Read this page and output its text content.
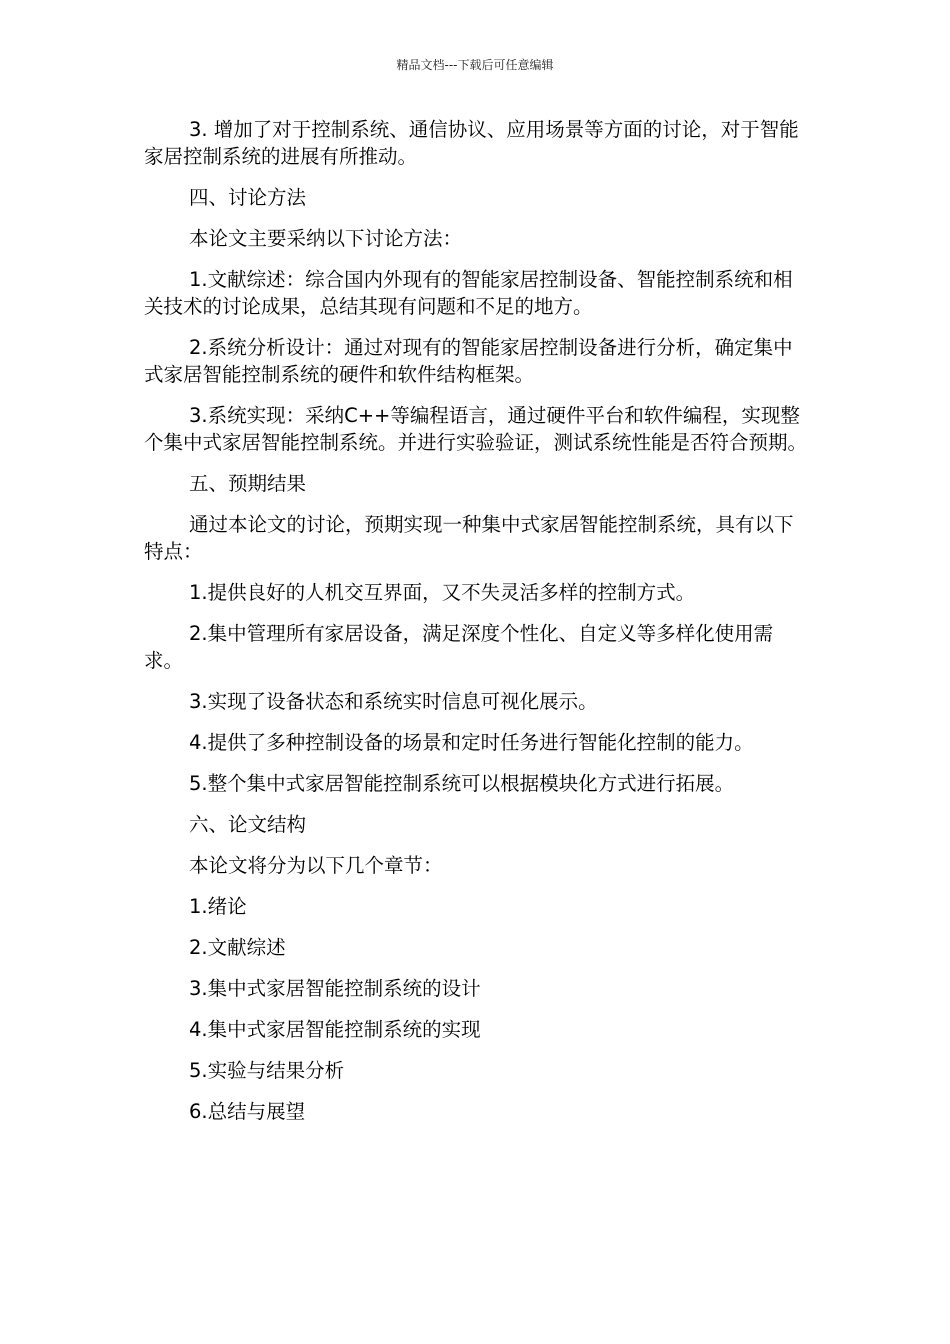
精品文档---下载后可任意编辑

3. 增加了对于控制系统、通信协议、应用场景等方面的讨论，对于智能家居控制系统的进展有所推动。

四、讨论方法

本论文主要采纳以下讨论方法：

1.文献综述：综合国内外现有的智能家居控制设备、智能控制系统和相关技术的讨论成果，总结其现有问题和不足的地方。

2.系统分析设计：通过对现有的智能家居控制设备进行分析，确定集中式家居智能控制系统的硬件和软件结构框架。

3.系统实现：采纳C++等编程语言，通过硬件平台和软件编程，实现整个集中式家居智能控制系统。并进行实验验证，测试系统性能是否符合预期。

五、预期结果

通过本论文的讨论，预期实现一种集中式家居智能控制系统，具有以下特点：

1.提供良好的人机交互界面，又不失灵活多样的控制方式。

2.集中管理所有家居设备，满足深度个性化、自定义等多样化使用需求。

3.实现了设备状态和系统实时信息可视化展示。

4.提供了多种控制设备的场景和定时任务进行智能化控制的能力。

5.整个集中式家居智能控制系统可以根据模块化方式进行拓展。

六、论文结构

本论文将分为以下几个章节：

1.绪论

2.文献综述

3.集中式家居智能控制系统的设计

4.集中式家居智能控制系统的实现

5.实验与结果分析

6.总结与展望
